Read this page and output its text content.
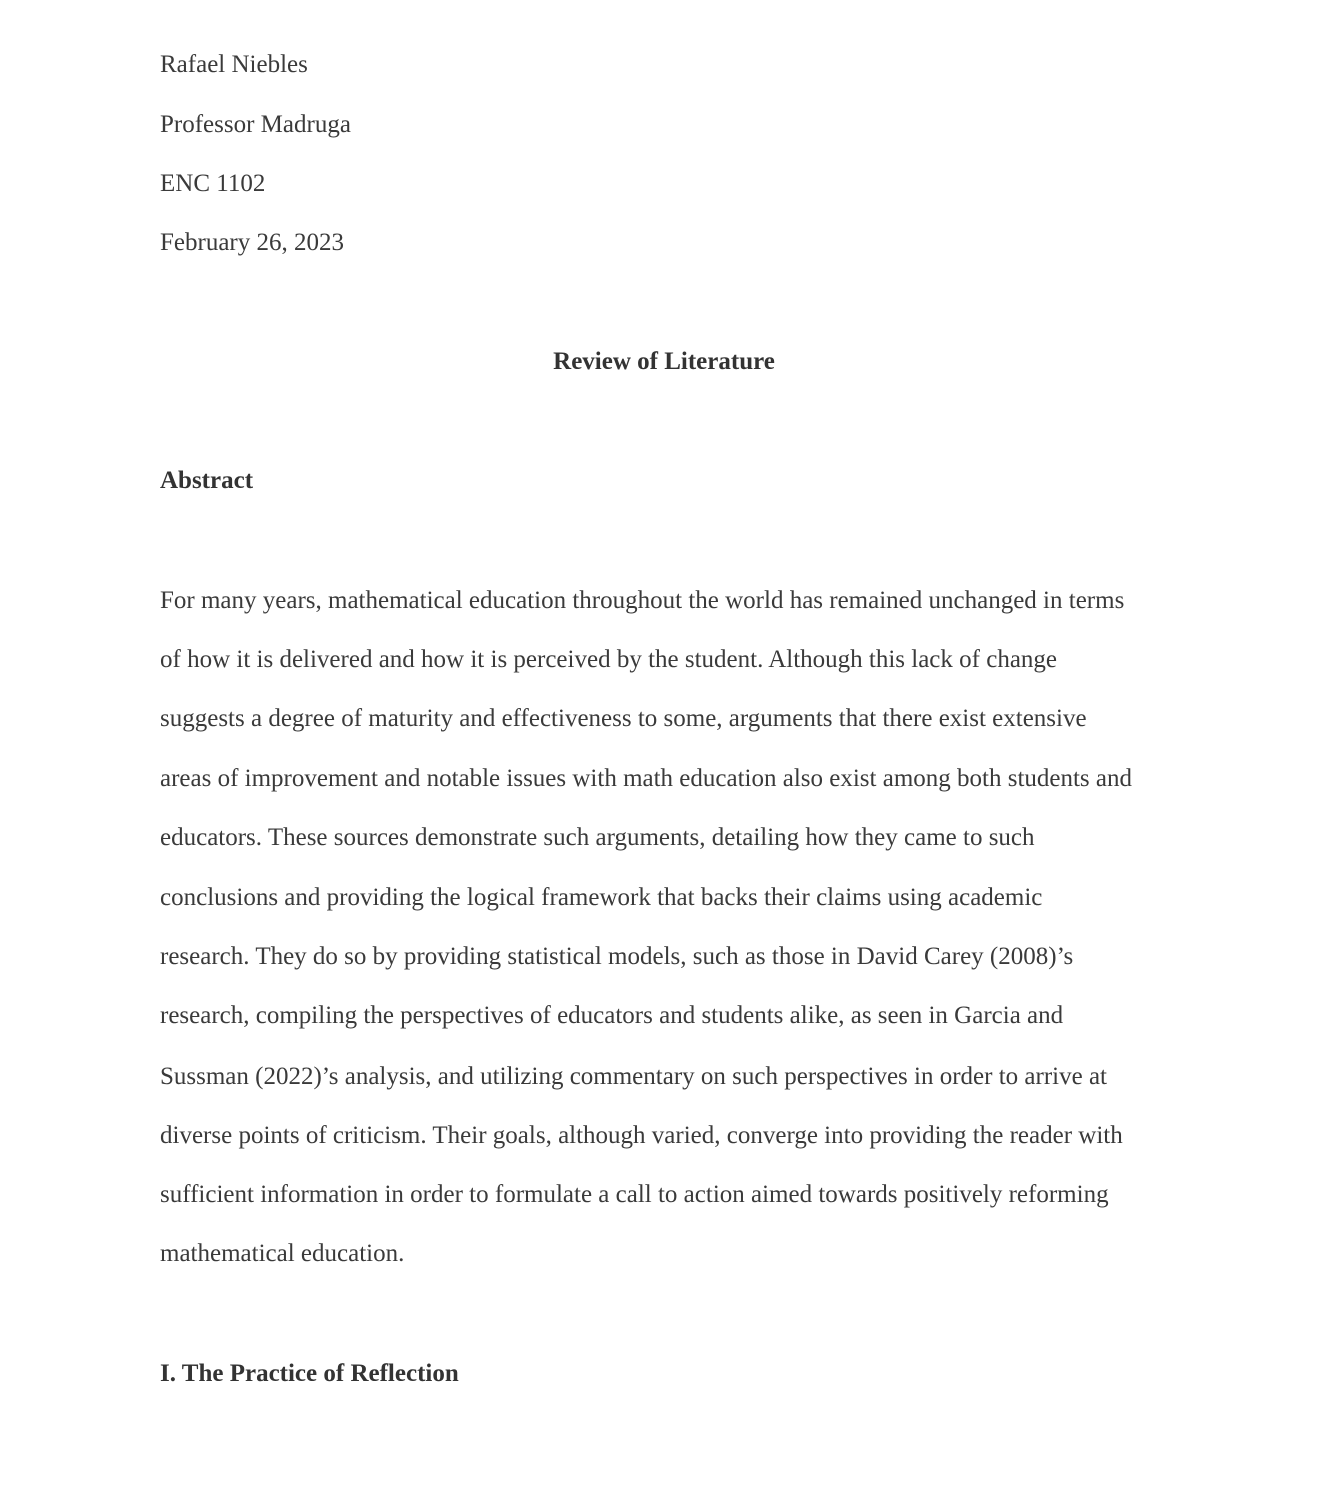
Rafael Niebles
Professor Madruga
ENC 1102
February 26, 2023
Review of Literature
Abstract
For many years, mathematical education throughout the world has remained unchanged in terms
of how it is delivered and how it is perceived by the student. Although this lack of change
suggests a degree of maturity and effectiveness to some, arguments that there exist extensive
areas of improvement and notable issues with math education also exist among both students and
educators. These sources demonstrate such arguments, detailing how they came to such
conclusions and providing the logical framework that backs their claims using academic
research. They do so by providing statistical models, such as those in David Carey (2008)’s
research, compiling the perspectives of educators and students alike, as seen in Garcia and
Sussman (2022)’s analysis, and utilizing commentary on such perspectives in order to arrive at
diverse points of criticism. Their goals, although varied, converge into providing the reader with
sufficient information in order to formulate a call to action aimed towards positively reforming
mathematical education.
I. The Practice of Reflection
